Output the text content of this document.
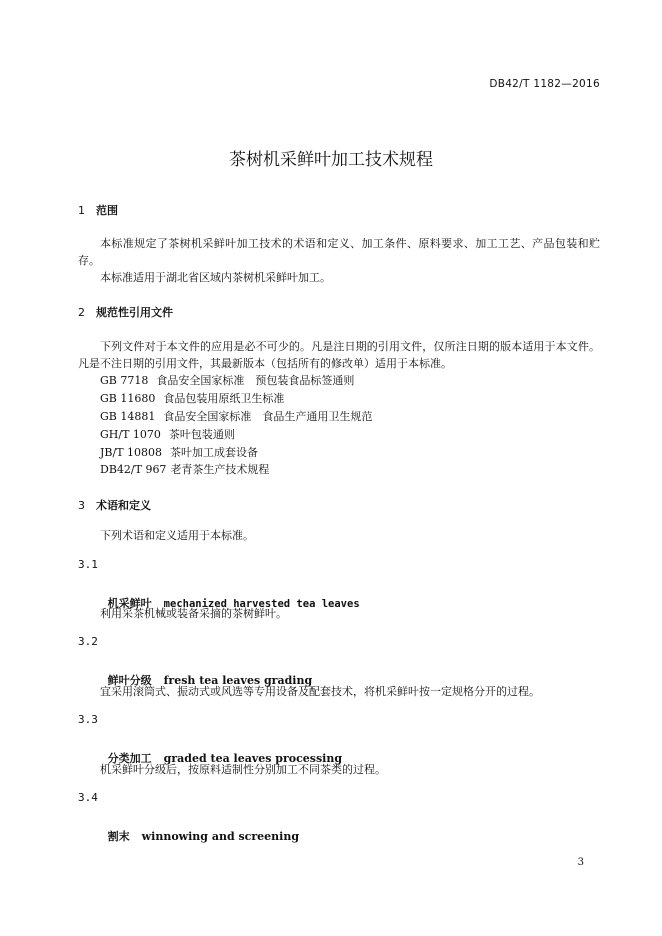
DB42/T 1182—2016
茶树机采鲜叶加工技术规程
1 范围

本标准规定了茶树机采鲜叶加工技术的术语和定义、加工条件、原料要求、加工工艺、产品包装和贮存。

本标准适用于湖北省区域内茶树机采鲜叶加工。

2 规范性引用文件

下列文件对于本文件的应用是必不可少的。凡是注日期的引用文件，仅所注日期的版本适用于本文件。凡是不注日期的引用文件，其最新版本（包括所有的修改单）适用于本标准。

GB 7718 食品安全国家标准　预包装食品标签通则
GB 11680 食品包装用原纸卫生标准
GB 14881 食品安全国家标准　食品生产通用卫生规范
GH/T 1070 茶叶包装通则
JB/T 10808 茶叶加工成套设备
DB42/T 967 老青茶生产技术规程
3 术语和定义
下列术语和定义适用于本标准。
3.1

机采鲜叶 mechanized harvested tea leaves

利用采茶机械或装备采摘的茶树鲜叶。
3.2

鲜叶分级 fresh tea leaves grading

宜采用滚筒式、振动式或风选等专用设备及配套技术，将机采鲜叶按一定规格分开的过程。
3.3

分类加工 graded tea leaves processing

机采鲜叶分级后，按原料适制性分别加工不同茶类的过程。
3.4

割末 winnowing and screening

3
